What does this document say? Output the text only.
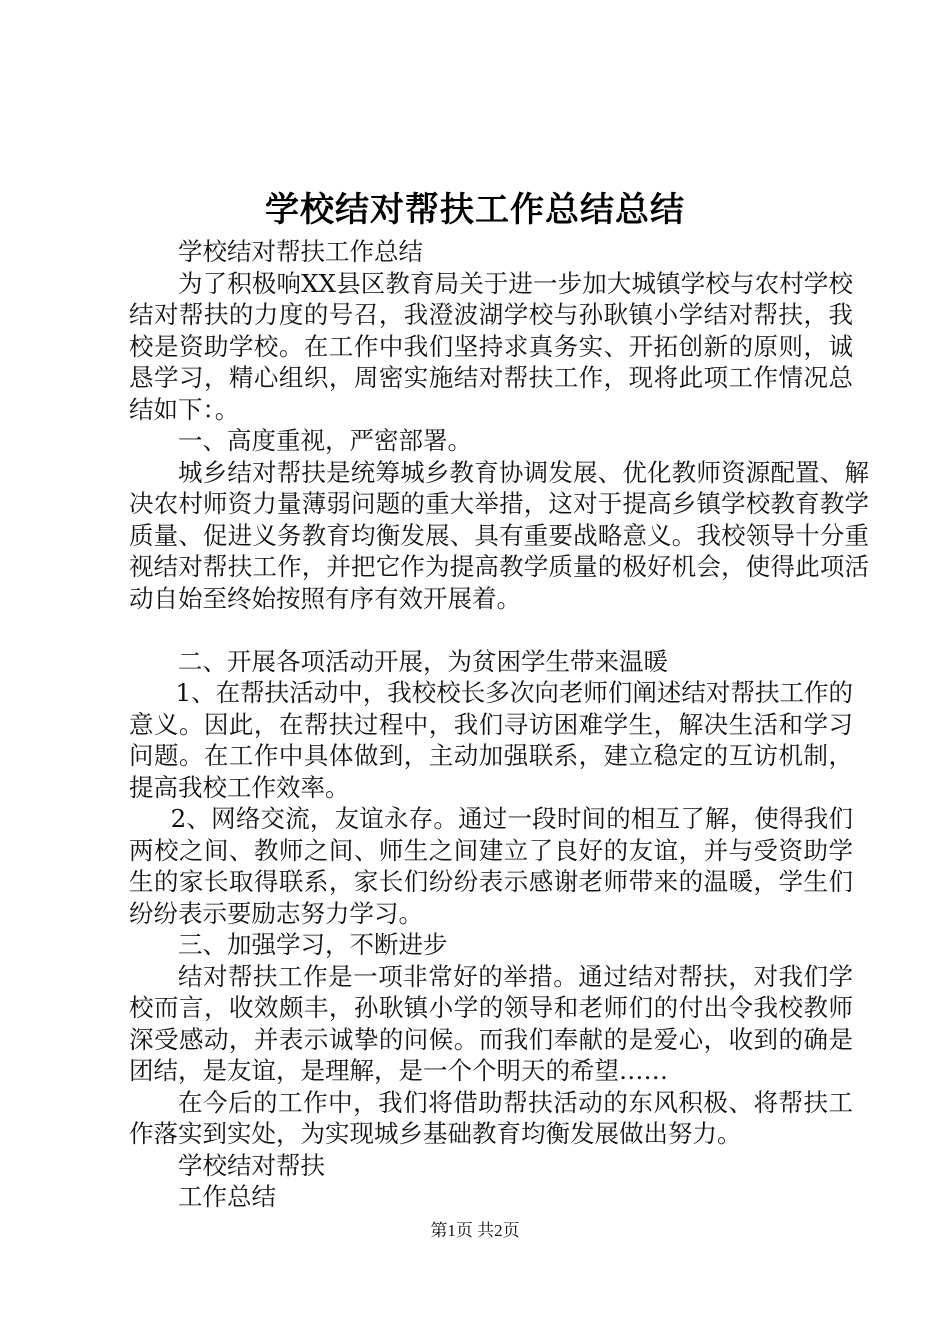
学校结对帮扶工作总结总结

学校结对帮扶工作总结

为了积极响XX县区教育局关于进一步加大城镇学校与农村学校结对帮扶的力度的号召，我澄波湖学校与孙耿镇小学结对帮扶，我校是资助学校。在工作中我们坚持求真务实、开拓创新的原则，诚恳学习，精心组织，周密实施结对帮扶工作，现将此项工作情况总结如下：。

一、高度重视，严密部署。

城乡结对帮扶是统筹城乡教育协调发展、优化教师资源配置、解决农村师资力量薄弱问题的重大举措，这对于提高乡镇学校教育教学质量、促进义务教育均衡发展、具有重要战略意义。我校领导十分重视结对帮扶工作，并把它作为提高教学质量的极好机会，使得此项活动自始至终始按照有序有效开展着。

二、开展各项活动开展，为贫困学生带来温暖

1、在帮扶活动中，我校校长多次向老师们阐述结对帮扶工作的意义。因此，在帮扶过程中，我们寻访困难学生，解决生活和学习问题。在工作中具体做到，主动加强联系，建立稳定的互访机制，提高我校工作效率。

2、网络交流，友谊永存。通过一段时间的相互了解，使得我们两校之间、教师之间、师生之间建立了良好的友谊，并与受资助学生的家长取得联系，家长们纷纷表示感谢老师带来的温暖，学生们纷纷表示要励志努力学习。

三、加强学习，不断进步

结对帮扶工作是一项非常好的举措。通过结对帮扶，对我们学校而言，收效颇丰，孙耿镇小学的领导和老师们的付出令我校教师深受感动，并表示诚挚的问候。而我们奉献的是爱心，收到的确是团结，是友谊，是理解，是一个个明天的希望……

在今后的工作中，我们将借助帮扶活动的东风积极、将帮扶工作落实到实处，为实现城乡基础教育均衡发展做出努力。

学校结对帮扶

工作总结

第1页 共2页
